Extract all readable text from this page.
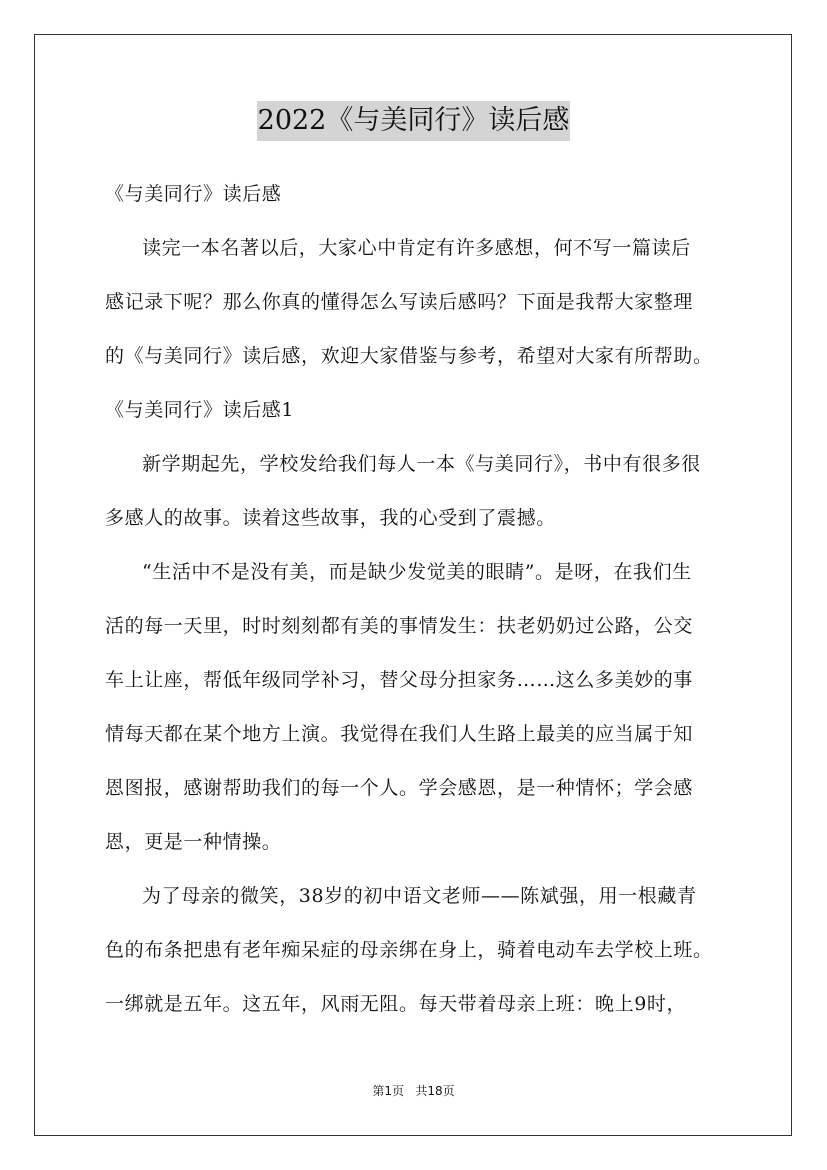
2022《与美同行》读后感
《与美同行》读后感
读完一本名著以后，大家心中肯定有许多感想，何不写一篇读后
感记录下呢？那么你真的懂得怎么写读后感吗？下面是我帮大家整理
的《与美同行》读后感，欢迎大家借鉴与参考，希望对大家有所帮助。
《与美同行》读后感1
新学期起先，学校发给我们每人一本《与美同行》，书中有很多很
多感人的故事。读着这些故事，我的心受到了震撼。
“生活中不是没有美，而是缺少发觉美的眼睛”。是呀，在我们生
活的每一天里，时时刻刻都有美的事情发生：扶老奶奶过公路，公交
车上让座，帮低年级同学补习，替父母分担家务……这么多美妙的事
情每天都在某个地方上演。我觉得在我们人生路上最美的应当属于知
恩图报，感谢帮助我们的每一个人。学会感恩，是一种情怀；学会感
恩，更是一种情操。
为了母亲的微笑，38岁的初中语文老师——陈斌强，用一根藏青
色的布条把患有老年痴呆症的母亲绑在身上，骑着电动车去学校上班。
一绑就是五年。这五年，风雨无阻。每天带着母亲上班：晚上9时，
第1页 共18页
